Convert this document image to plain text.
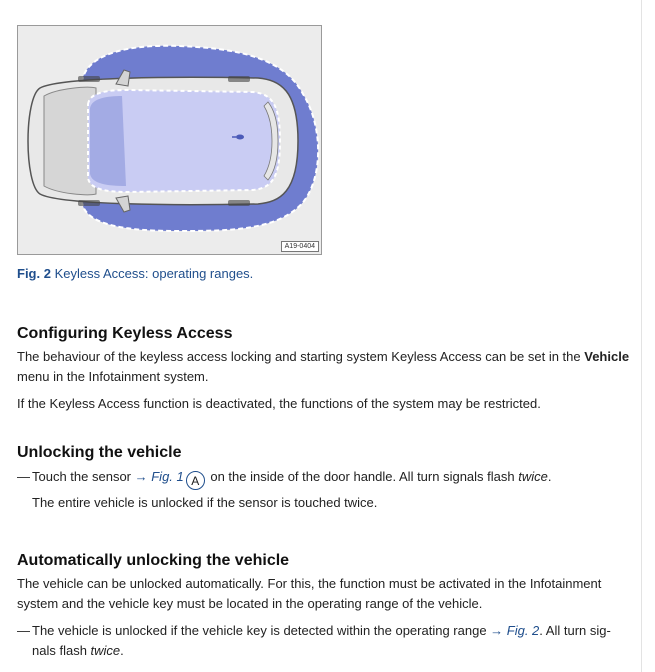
A19-0404
Fig. 2 Keyless Access: operating ranges.
Configuring Keyless Access

The behaviour of the keyless access locking and starting system Keyless Access can be set in the Vehicle
menu in the Infotainment system.

If the Keyless Access function is deactivated, the functions of the system may be restricted.

Unlocking the vehicle

— Touch the sensor → Fig. 1 A on the inside of the door handle. All turn signals flash twice.

The entire vehicle is unlocked if the sensor is touched twice.

Automatically unlocking the vehicle

The vehicle can be unlocked automatically. For this, the function must be activated in the Infotainment
system and the vehicle key must be located in the operating range of the vehicle.

— The vehicle is unlocked if the vehicle key is detected within the operating range → Fig. 2. All turn sig-
nals flash twice.
